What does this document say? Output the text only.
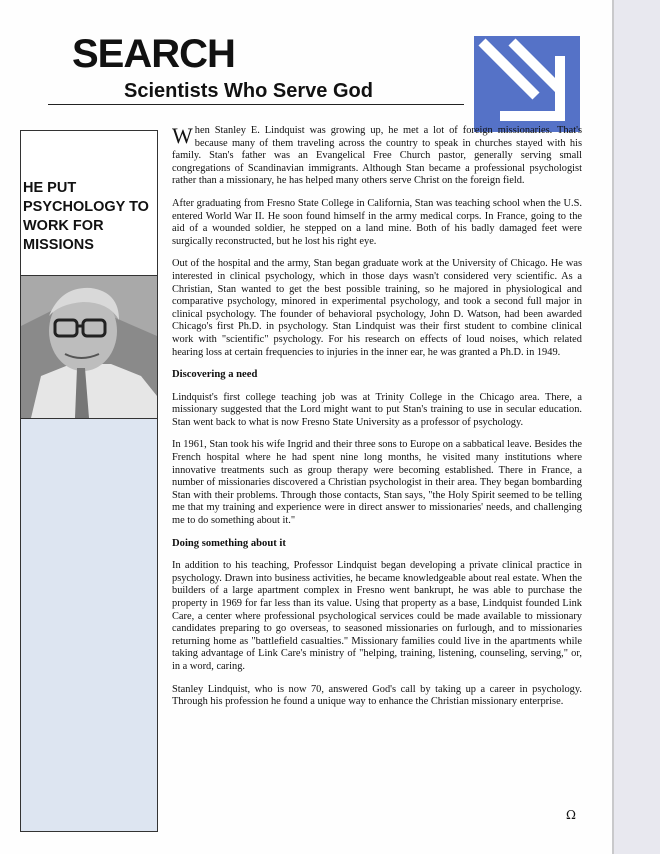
SEARCH
Scientists Who Serve God
HE PUT PSYCHOLOGY TO WORK FOR MISSIONS

When Stanley E. Lindquist was growing up, he met a lot of foreign missionaries. That's because many of them traveling across the country to speak in churches stayed with his family. Stan's father was an Evangelical Free Church pastor, generally serving small congregations of Scandinavian immigrants. Although Stan became a professional psychologist rather than a missionary, he has helped many others serve Christ on the foreign field.

After graduating from Fresno State College in California, Stan was teaching school when the U.S. entered World War II. He soon found himself in the army medical corps. In France, going to the aid of a wounded soldier, he stepped on a land mine. Both of his badly damaged feet were surgically reconstructed, but he lost his right eye.

Out of the hospital and the army, Stan began graduate work at the University of Chicago. He was interested in clinical psychology, which in those days wasn't considered very scientific. As a Christian, Stan wanted to get the best possible training, so he majored in physiological and comparative psychology, minored in experimental psychology, and took a second full major in clinical psychology. The founder of behavioral psychology, John D. Watson, had been awarded Chicago's first Ph.D. in psychology. Stan Lindquist was their first student to combine clinical work with "scientific" psychology. For his research on effects of loud noises, which related hearing loss at certain frequencies to injuries in the inner ear, he was granted a Ph.D. in 1949.

Discovering a need

Lindquist's first college teaching job was at Trinity College in the Chicago area. There, a missionary suggested that the Lord might want to put Stan's training to use in secular education. Stan went back to what is now Fresno State University as a professor of psychology.

In 1961, Stan took his wife Ingrid and their three sons to Europe on a sabbatical leave. Besides the French hospital where he had spent nine long months, he visited many institutions where innovative treatments such as group therapy were becoming established. There in France, a number of missionaries discovered a Christian psychologist in their area. They began bombarding Stan with their problems. Through those contacts, Stan says, "the Holy Spirit seemed to be telling me that my training and experience were in direct answer to missionaries' needs, and challenging me to do something about it."

Doing something about it

In addition to his teaching, Professor Lindquist began developing a private clinical practice in psychology. Drawn into business activities, he became knowledgeable about real estate. When the builders of a large apartment complex in Fresno went bankrupt, he was able to purchase the property in 1969 for far less than its value. Using that property as a base, Lindquist founded Link Care, a center where professional psychological services could be made available to missionary candidates preparing to go overseas, to seasoned missionaries on furlough, and to missionaries returning home as "battlefield casualties." Missionary families could live in the apartments while taking advantage of Link Care's ministry of "helping, training, listening, counseling, serving," or, in a word, caring.

Stanley Lindquist, who is now 70, answered God's call by taking up a career in psychology. Through his profession he found a unique way to enhance the Christian missionary enterprise.

Ω
